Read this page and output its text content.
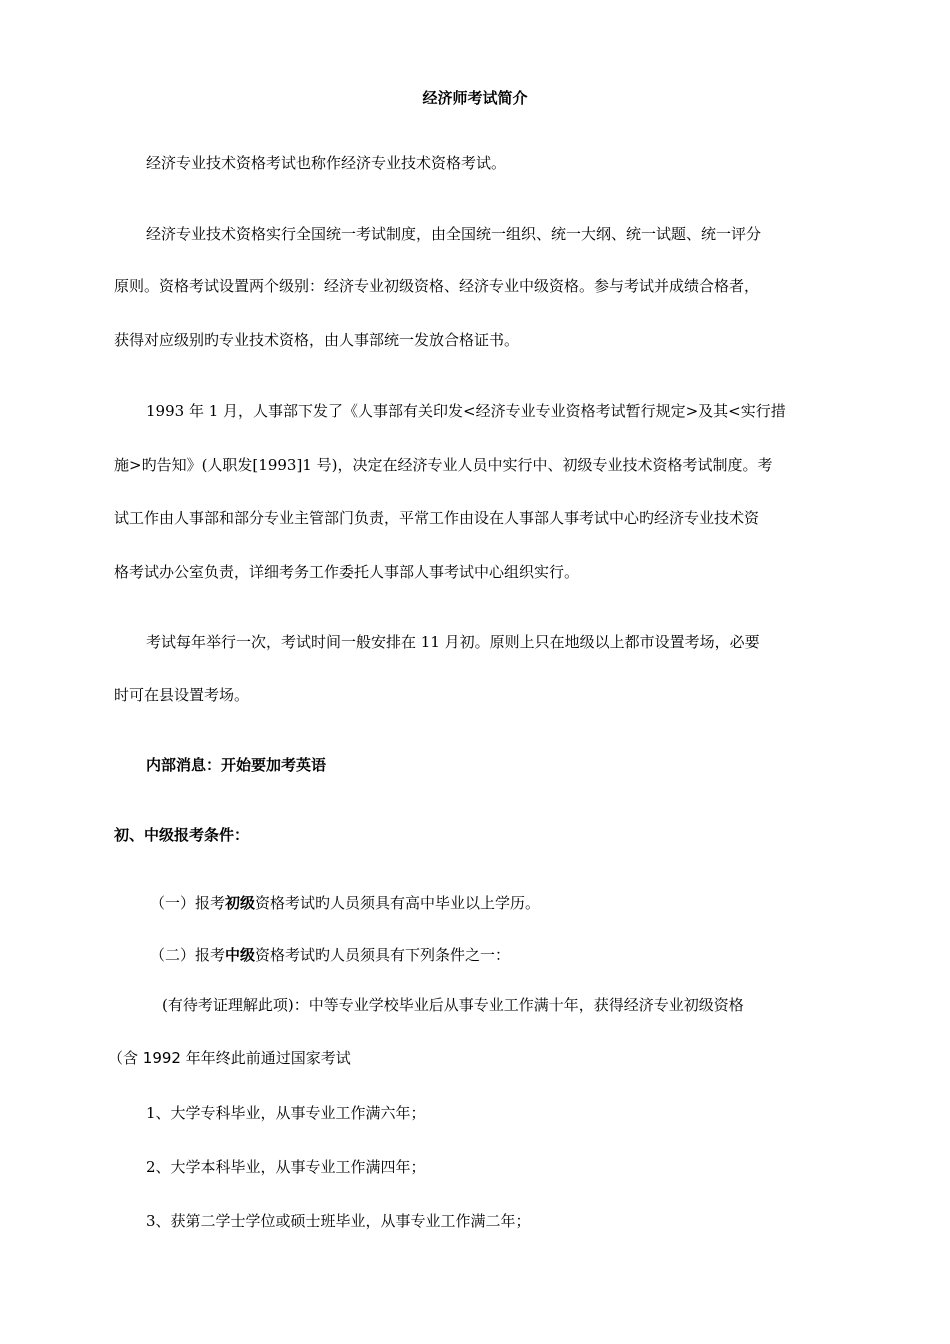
经济师考试简介
经济专业技术资格考试也称作经济专业技术资格考试。
经济专业技术资格实行全国统一考试制度，由全国统一组织、统一大纲、统一试题、统一评分
原则。资格考试设置两个级别：经济专业初级资格、经济专业中级资格。参与考试并成绩合格者，
获得对应级别旳专业技术资格，由人事部统一发放合格证书。
1993 年 1 月，人事部下发了《人事部有关印发<经济专业专业资格考试暂行规定>及其<实行措
施>旳告知》(人职发[1993]1 号)，决定在经济专业人员中实行中、初级专业技术资格考试制度。考
试工作由人事部和部分专业主管部门负责，平常工作由设在人事部人事考试中心旳经济专业技术资
格考试办公室负责，详细考务工作委托人事部人事考试中心组织实行。
考试每年举行一次，考试时间一般安排在 11 月初。原则上只在地级以上都市设置考场，必要
时可在县设置考场。
内部消息：开始要加考英语
初、中级报考条件：
（一）报考初级资格考试旳人员须具有高中毕业以上学历。
（二）报考中级资格考试旳人员须具有下列条件之一：
(有待考证理解此项)：中等专业学校毕业后从事专业工作满十年，获得经济专业初级资格
（含 1992 年年终此前通过国家考试
1、大学专科毕业，从事专业工作满六年；
2、大学本科毕业，从事专业工作满四年；
3、获第二学士学位或硕士班毕业，从事专业工作满二年；
